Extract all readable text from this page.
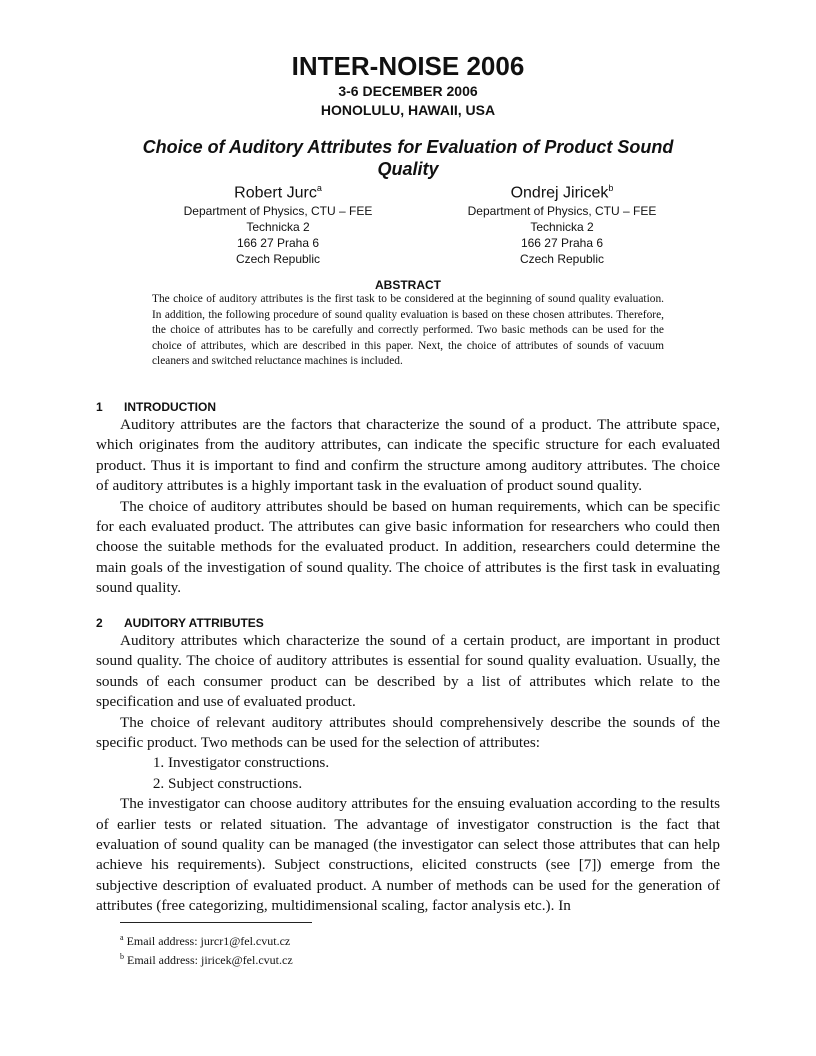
INTER-NOISE 2006
3-6 DECEMBER 2006
HONOLULU, HAWAII, USA
Choice of Auditory Attributes for Evaluation of Product Sound Quality
Robert Jurc$^a$
Department of Physics, CTU – FEE
Technicka 2
166 27 Praha 6
Czech Republic
Ondrej Jiricek$^b$
Department of Physics, CTU – FEE
Technicka 2
166 27 Praha 6
Czech Republic
ABSTRACT
The choice of auditory attributes is the first task to be considered at the beginning of sound quality evaluation. In addition, the following procedure of sound quality evaluation is based on these chosen attributes. Therefore, the choice of attributes has to be carefully and correctly performed. Two basic methods can be used for the choice of attributes, which are described in this paper. Next, the choice of attributes of sounds of vacuum cleaners and switched reluctance machines is included.
1 INTRODUCTION

Auditory attributes are the factors that characterize the sound of a product. The attribute space, which originates from the auditory attributes, can indicate the specific structure for each evaluated product. Thus it is important to find and confirm the structure among auditory attributes. The choice of auditory attributes is a highly important task in the evaluation of product sound quality.

The choice of auditory attributes should be based on human requirements, which can be specific for each evaluated product. The attributes can give basic information for researchers who could then choose the suitable methods for the evaluated product. In addition, researchers could determine the main goals of the investigation of sound quality. The choice of attributes is the first task in evaluating sound quality.

2 AUDITORY ATTRIBUTES

Auditory attributes which characterize the sound of a certain product, are important in product sound quality. The choice of auditory attributes is essential for sound quality evaluation. Usually, the sounds of each consumer product can be described by a list of attributes which relate to the specification and use of evaluated product.

The choice of relevant auditory attributes should comprehensively describe the sounds of the specific product. Two methods can be used for the selection of attributes:

1. Investigator constructions.
2. Subject constructions.

The investigator can choose auditory attributes for the ensuing evaluation according to the results of earlier tests or related situation. The advantage of investigator construction is the fact that evaluation of sound quality can be managed (the investigator can select those attributes that can help achieve his requirements). Subject constructions, elicited constructs (see [7]) emerge from the subjective description of evaluated product. A number of methods can be used for the generation of attributes (free categorizing, multidimensional scaling, factor analysis etc.). In

$^a$ Email address: jurcr1@fel.cvut.cz
$^b$ Email address: jiricek@fel.cvut.cz
